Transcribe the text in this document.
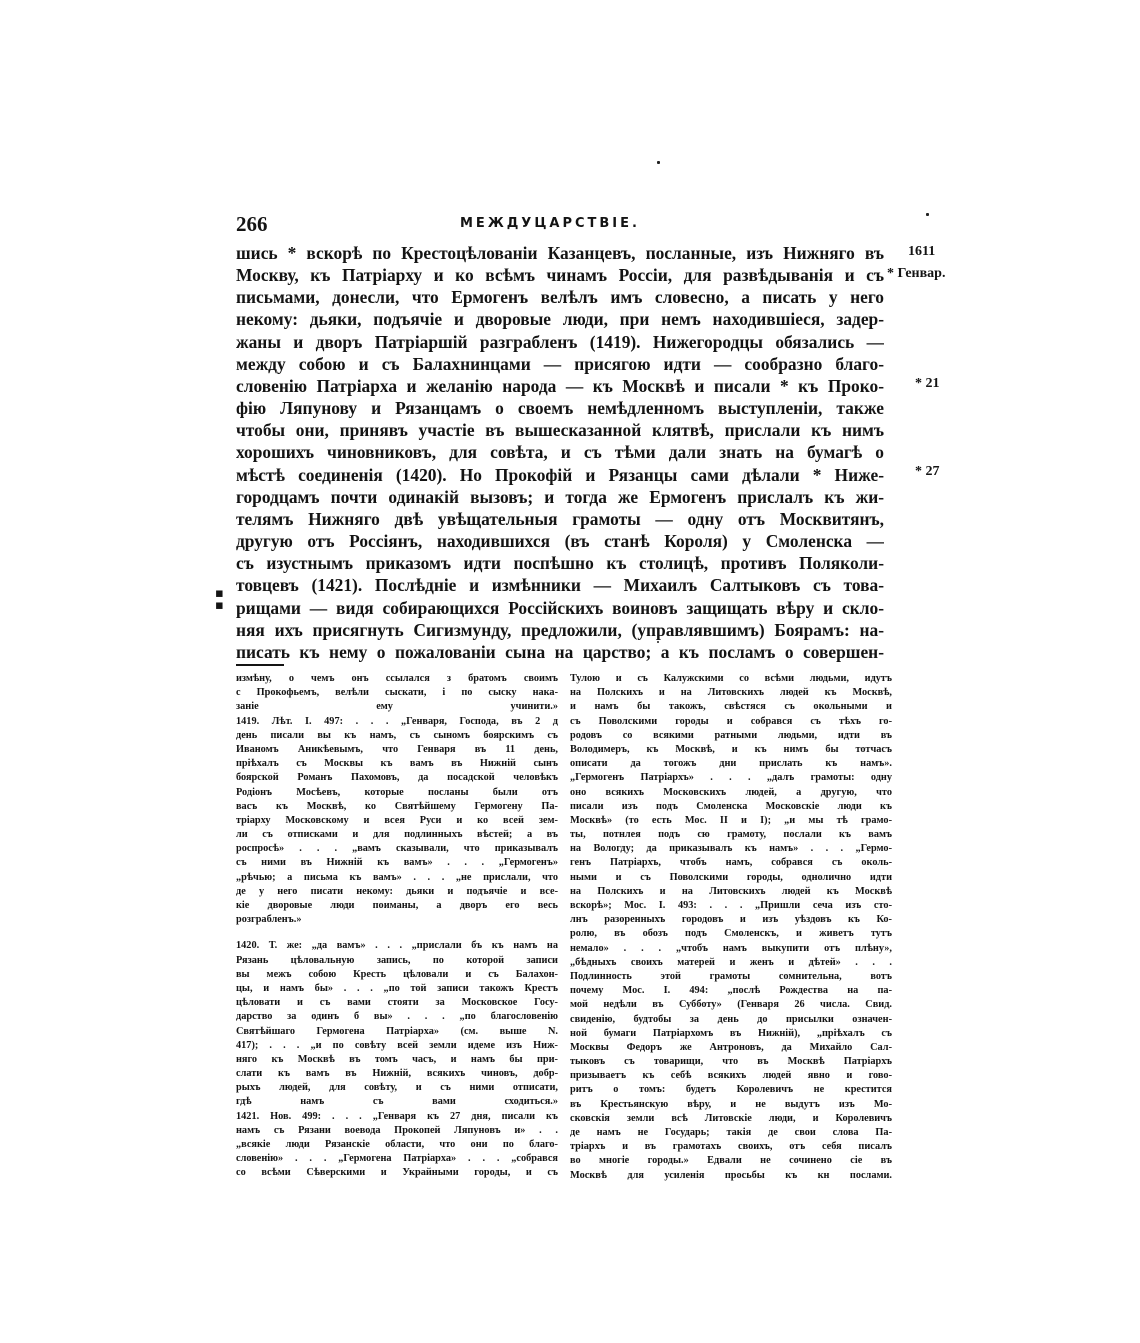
266	МЕЖДУЦАРСТВІЕ.
шись * вскорѣ по Крестоцѣлованіи Казанцевъ, посланные, изъ Нижняго въ
Москву, къ Патріарху и ко всѣмъ чинамъ Россіи, для развѣдыванія и съ
письмами, донесли, что Ермогенъ велѣлъ имъ словесно, а писать у него
некому: дьяки, подъячіе и дворовые люди, при немъ находившіеся, задер-
жаны и дворъ Патріаршій разграбленъ (1419). Нижегородцы обязались —
между собою и съ Балахнинцами — присягою идти — сообразно благо-
словенію Патріарха и желанію народа — къ Москвѣ и писали * къ Проко-
фію Ляпунову и Рязанцамъ о своемъ немѣдленномъ выступленіи, также
чтобы они, принявъ участіе въ вышесказанной клятвѣ, прислали къ нимъ
хорошихъ чиновниковъ, для совѣта, и съ тѣми дали знать на бумагѣ о
мѣстѣ соединенія (1420). Но Прокофій и Рязанцы сами дѣлали * Ниже-
городцамъ почти одинакій вызовъ; и тогда же Ермогенъ прислалъ къ жи-
телямъ Нижняго двѣ увѣщательныя грамоты — одну отъ Москвитянъ,
другую отъ Россіянъ, находившихся (въ станѣ Короля) у Смоленска —
съ изустнымъ приказомъ идти поспѣшно къ столицѣ, противъ Поляколи-
товцевъ (1421). Послѣдніе и измѣнники — Михаилъ Салтыковъ съ това-
рищами — видя собирающихся Россійскихъ воиновъ защищать вѣру и скло-
няя ихъ присягнуть Сигизмунду, предложили, (управлявшимъ) Боярамъ: на-
писать къ нему о пожалованіи сына на царство; а къ посламъ о совершен-
1611
* Генвар.
* 21
* 27
▪
▪
измѣну, о чемъ онъ ссылался з братомъ своимъ
с Прокофьемъ, велѣли сыскати, і по сыску нака-
заніе ему учинити.»
1419. Лѣт. I. 497: . . . „Генваря, Господа, въ 2 д
день писали вы къ намъ, съ сыномъ боярскимъ съ
Иваномъ Аникѣевымъ, что Генваря въ 11 день,
пріѣхалъ съ Москвы къ вамъ въ Нижній сынъ
боярской Романъ Пахомовъ, да посадской человѣкъ
Родіонъ Мосѣевъ, которые посланы были отъ
васъ къ Москвѣ, ко Святѣйшему Гермогену Па-
тріарху Московскому и всея Руси и ко всей зем-
ли съ отписками и для подлинныхъ вѣстей; а въ
роспросѣ» . . . „вамъ сказывали, что приказывалъ
съ ними въ Нижній къ вамъ» . . . „Гермогенъ»
„рѣчью; а письма къ вамъ» . . . „не прислали, что
де у него писати некому: дьяки и подъячіе и все-
кіе дворовые люди поиманы, а дворъ его весь
розграбленъ.»
1420. Т. же: „да вамъ» . . . „прислали бъ къ намъ на
Рязань цѣловальную запись, по которой записи
вы межъ собою Кресть цѣловали и съ Балахон-
цы, и намъ бы» . . . „по той записи такожъ Крестъ
цѣловати и съ вами стояти за Московское Госу-
дарство за одинъ б вы» . . . „по благословенію
Святѣйшаго Гермогена Патріарха» (см. выше N.
417); . . . „и по совѣту всей земли идеме изъ Ниж-
няго къ Москвѣ въ томъ часъ, и намъ бы при-
слати къ вамъ въ Нижній, всякихъ чиновъ, добр-
рыхъ людей, для совѣту, и съ ними отписати,
гдѣ намъ съ вами сходиться.»
1421. Нов. 499: . . . „Генваря къ 27 дня, писали къ
намъ съ Рязани воевода Прокопей Ляпуновъ и» . .
„всякіе люди Рязанскіе области, что они по благо-
словенію» . . . „Гермогена Патріарха» . . . „собрався
со всѣми Сѣверскими и Украйными городы, и съ
Тулою и съ Калужскими со всѣми людьми, идутъ
на Полскихъ и на Литовскихъ людей къ Москвѣ,
и намъ бы такожъ, свѣстяся съ окольными и
съ Поволскими городы и собрався съ тѣхъ го-
родовъ со всякими ратными людьми, идти въ
Володимеръ, къ Москвѣ, и къ нимъ бы тотчасъ
описати да тогожъ дни прислать къ намъ».
„Гермогенъ Патріархъ» . . . „далъ грамоты: одну
оно всякихъ Московскихъ людей, а другую, что
писали изъ подъ Смоленска Московскіе люди къ
Москвѣ» (то есть Мос. II и I); „и мы тѣ грамо-
ты, потнлея подъ сю грамоту, послали къ вамъ
на Вологду; да приказывалъ къ намъ» . . . „Гермо-
генъ Патріархъ, чтобъ намъ, собрався съ околь-
ными и съ Поволскими городы, однолично идти
на Полскихъ и на Литовскихъ людей къ Москвѣ
вскорѣ»; Мос. I. 493: . . . „Пришли сеча изъ сто-
лнъ разоренныхъ городовъ и изъ уѣздовъ къ Ко-
ролю, въ обозъ подъ Смоленскъ, и живетъ тутъ
немало» . . . „чтобъ намъ выкупити отъ плѣну»,
„бѣдныхъ своихъ матерей и женъ и дѣтей» . . .
Подлинность этой грамоты сомнительна, вотъ
почему Мос. I. 494: „послѣ Рождества на па-
мой недѣли въ Субботу» (Генваря 26 числа. Свид.
свиденію, будтобы за день до присылки означен-
ной бумаги Патріархомъ въ Нижній), „пріѣхалъ съ
Москвы Федоръ же Антроновъ, да Михайло Сал-
тыковъ съ товарищи, что въ Москвѣ Патріархъ
призываетъ къ себѣ всякихъ людей явно и гово-
ритъ о томъ: будетъ Королевичъ не крестится
въ Крестьянскую вѣру, и не выдутъ изъ Мо-
сковскія земли всѣ Литовскіе люди, и Королевичъ
де намъ не Государь; такія де свои слова Па-
тріархъ и въ грамотахъ своихъ, отъ себя писалъ
во многіе городы.» Едвали не сочинено сіе въ
Москвѣ для усиленія просьбы къ кн послами.
